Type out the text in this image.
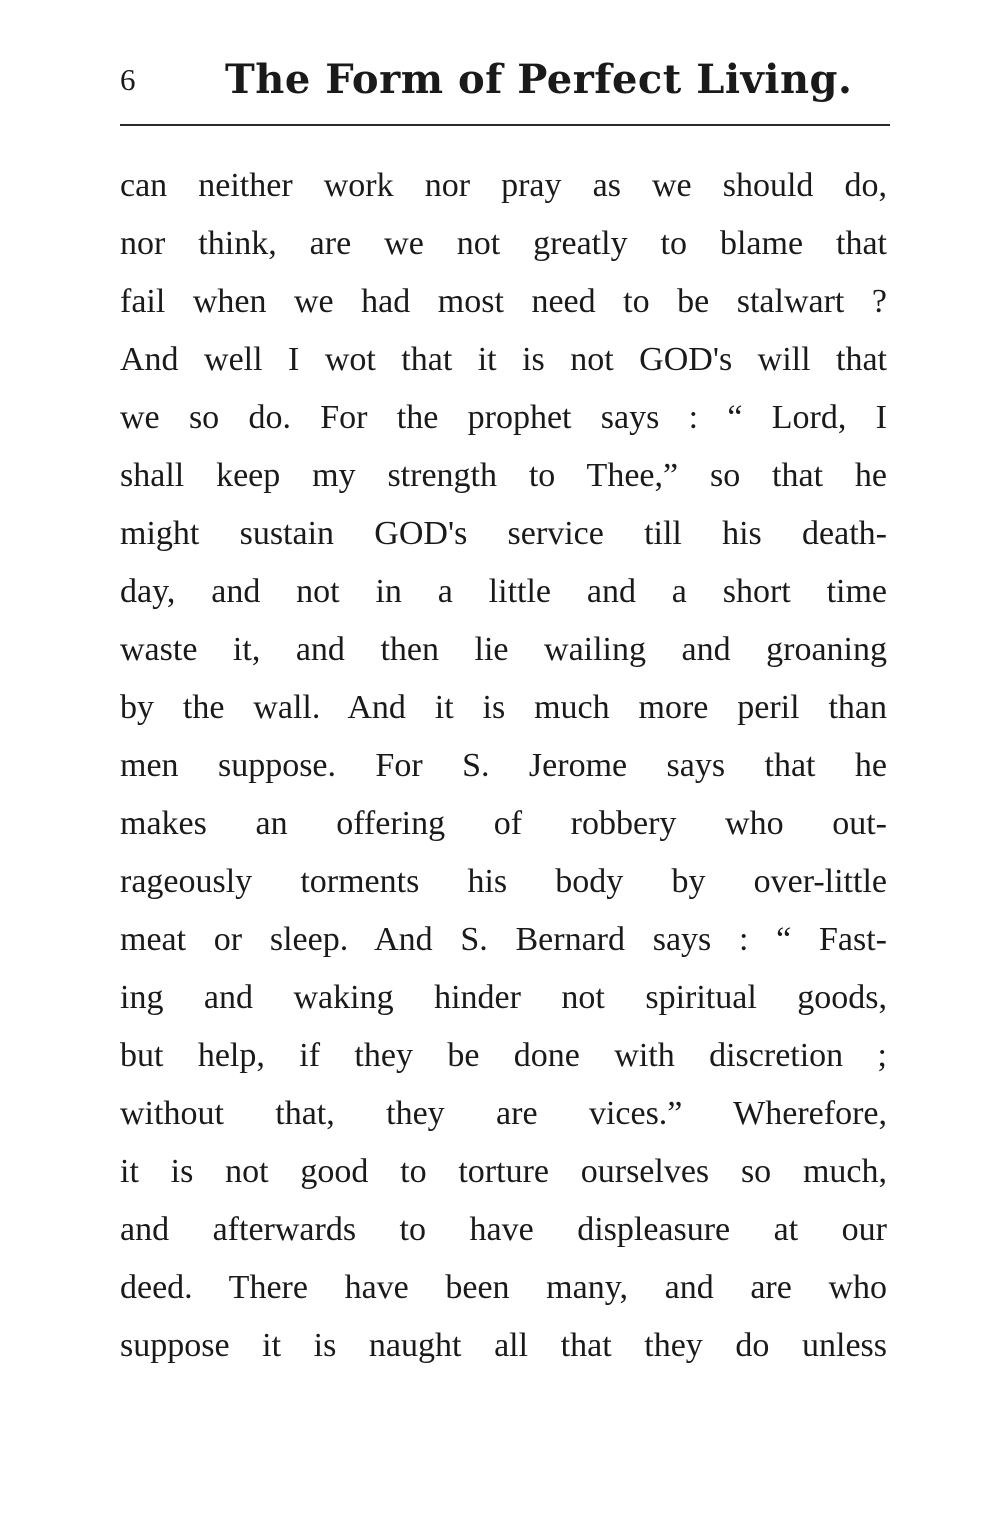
6 The Form of Perfect Living.
can neither work nor pray as we should do,
nor think, are we not greatly to blame that
fail when we had most need to be stalwart ?
And well I wot that it is not GOD's will that
we so do. For the prophet says : “ Lord, I
shall keep my strength to Thee,” so that he
might sustain GOD's service till his death-
day, and not in a little and a short time
waste it, and then lie wailing and groaning
by the wall. And it is much more peril than
men suppose. For S. Jerome says that he
makes an offering of robbery who out-
rageously torments his body by over-little
meat or sleep. And S. Bernard says : “ Fast-
ing and waking hinder not spiritual goods,
but help, if they be done with discretion ;
without that, they are vices.” Wherefore,
it is not good to torture ourselves so much,
and afterwards to have displeasure at our
deed. There have been many, and are who
suppose it is naught all that they do unless
